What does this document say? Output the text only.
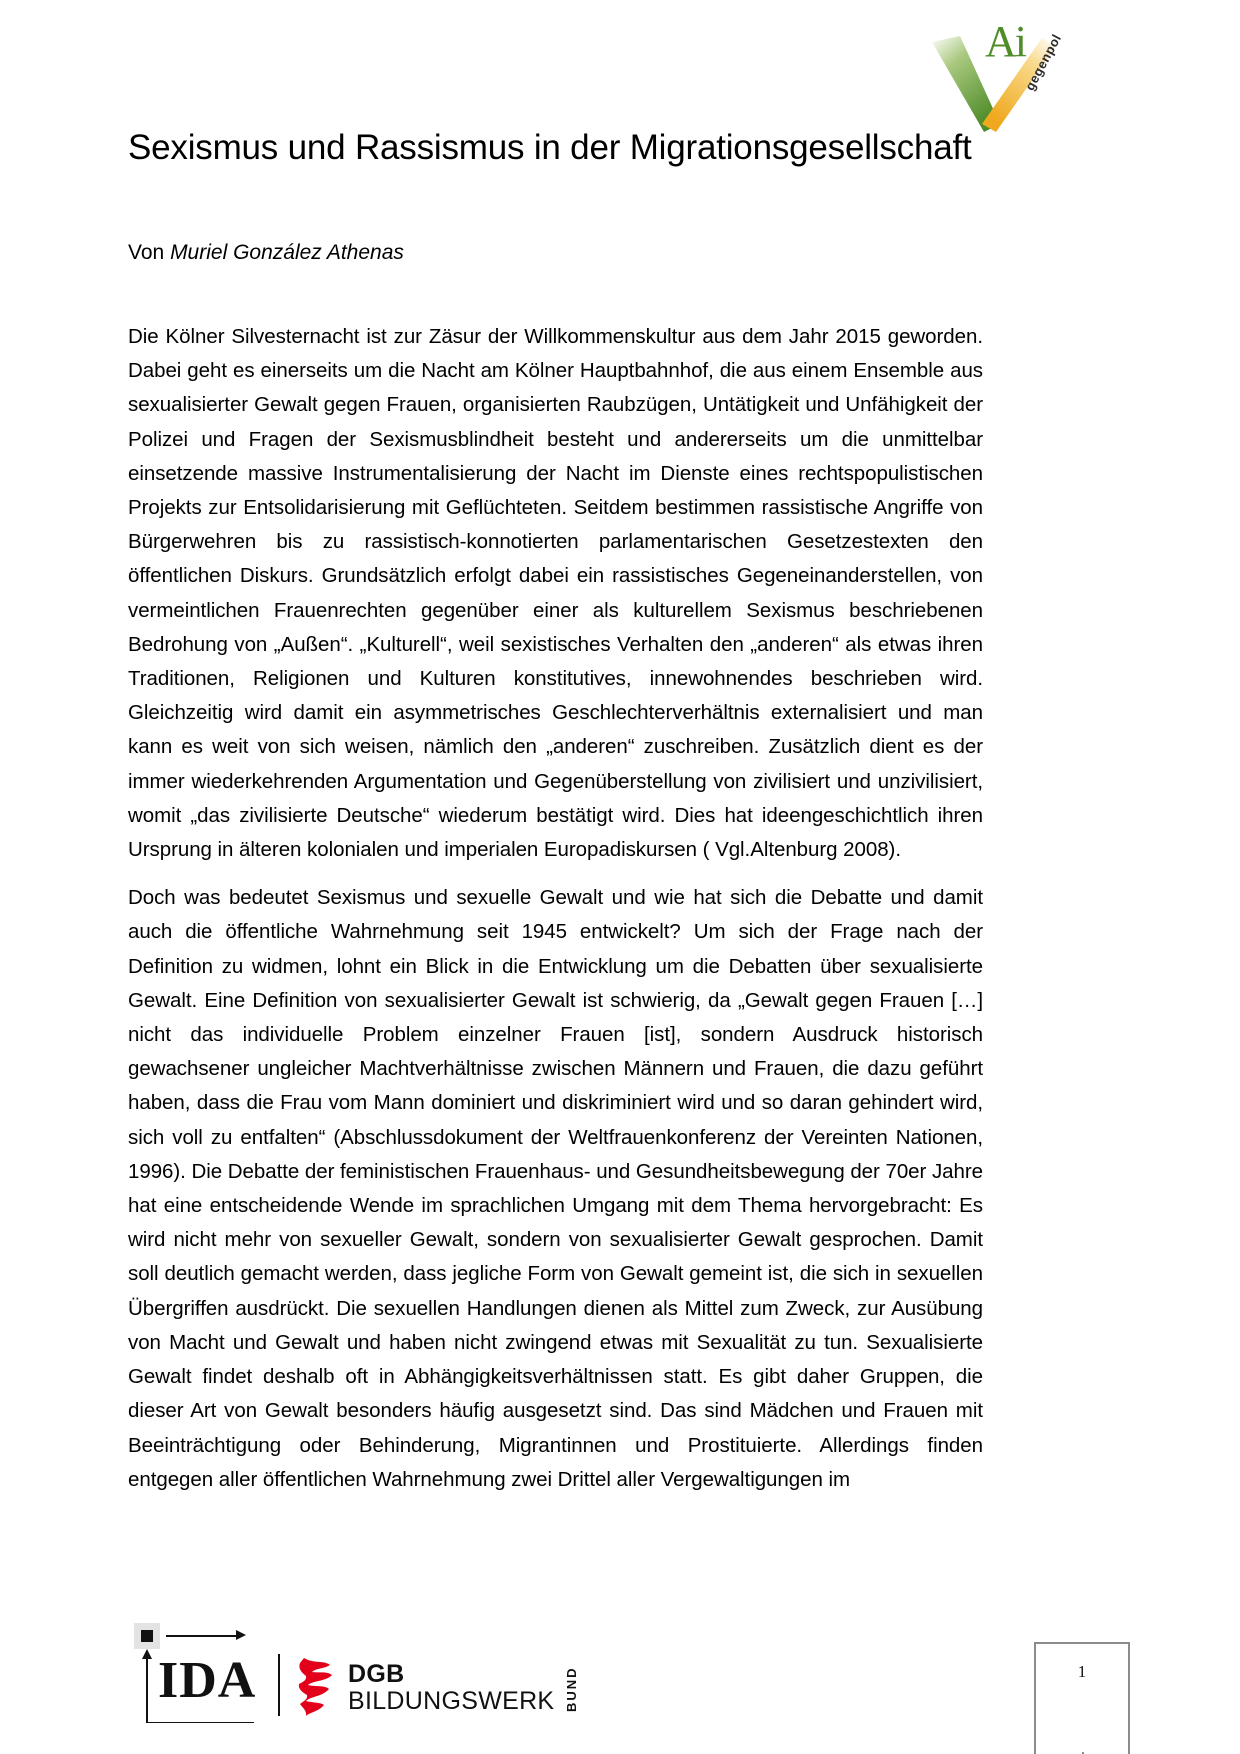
Ai
gegenpol
Sexismus und Rassismus in der Migrationsgesellschaft
Von Muriel González Athenas

Die Kölner Silvesternacht ist zur Zäsur der Willkommenskultur aus dem Jahr 2015 geworden. Dabei geht es einerseits um die Nacht am Kölner Hauptbahnhof, die aus einem Ensemble aus sexualisierter Gewalt gegen Frauen, organisierten Raubzügen, Untätigkeit und Unfähigkeit der Polizei und Fragen der Sexismusblindheit besteht und andererseits um die unmittelbar einsetzende massive Instrumentalisierung der Nacht im Dienste eines rechtspopulistischen Projekts zur Entsolidarisierung mit Geflüchteten. Seitdem bestimmen rassistische Angriffe von Bürgerwehren bis zu rassistisch-konnotierten parlamentarischen Gesetzestexten den öffentlichen Diskurs. Grundsätzlich erfolgt dabei ein rassistisches Gegeneinanderstellen, von vermeintlichen Frauenrechten gegenüber einer als kulturellem Sexismus beschriebenen Bedrohung von „Außen“. „Kulturell“, weil sexistisches Verhalten den „anderen“ als etwas ihren Traditionen, Religionen und Kulturen konstitutives, innewohnendes beschrieben wird. Gleichzeitig wird damit ein asymmetrisches Geschlechterverhältnis externalisiert und man kann es weit von sich weisen, nämlich den „anderen“ zuschreiben. Zusätzlich dient es der immer wiederkehrenden Argumentation und Gegenüberstellung von zivilisiert und unzivilisiert, womit „das zivilisierte Deutsche“ wiederum bestätigt wird. Dies hat ideengeschichtlich ihren Ursprung in älteren kolonialen und imperialen Europadiskursen ( Vgl.Altenburg 2008).

Doch was bedeutet Sexismus und sexuelle Gewalt und wie hat sich die Debatte und damit auch die öffentliche Wahrnehmung seit 1945 entwickelt? Um sich der Frage nach der Definition zu widmen, lohnt ein Blick in die Entwicklung um die Debatten über sexualisierte Gewalt. Eine Definition von sexualisierter Gewalt ist schwierig, da „Gewalt gegen Frauen […] nicht das individuelle Problem einzelner Frauen [ist], sondern Ausdruck historisch gewachsener ungleicher Machtverhältnisse zwischen Männern und Frauen, die dazu geführt haben, dass die Frau vom Mann dominiert und diskriminiert wird und so daran gehindert wird, sich voll zu entfalten“ (Abschlussdokument der Weltfrauenkonferenz der Vereinten Nationen, 1996). Die Debatte der feministischen Frauenhaus- und Gesundheitsbewegung der 70er Jahre hat eine entscheidende Wende im sprachlichen Umgang mit dem Thema hervorgebracht: Es wird nicht mehr von sexueller Gewalt, sondern von sexualisierter Gewalt gesprochen. Damit soll deutlich gemacht werden, dass jegliche Form von Gewalt gemeint ist, die sich in sexuellen Übergriffen ausdrückt. Die sexuellen Handlungen dienen als Mittel zum Zweck, zur Ausübung von Macht und Gewalt und haben nicht zwingend etwas mit Sexualität zu tun. Sexualisierte Gewalt findet deshalb oft in Abhängigkeitsverhältnissen statt. Es gibt daher Gruppen, die dieser Art von Gewalt besonders häufig ausgesetzt sind. Das sind Mädchen und Frauen mit Beeinträchtigung oder Behinderung, Migrantinnen und Prostituierte. Allerdings finden entgegen aller öffentlichen Wahrnehmung zwei Drittel aller Vergewaltigungen im

IDA	DGB
BILDUNGSWERK BUND	1
